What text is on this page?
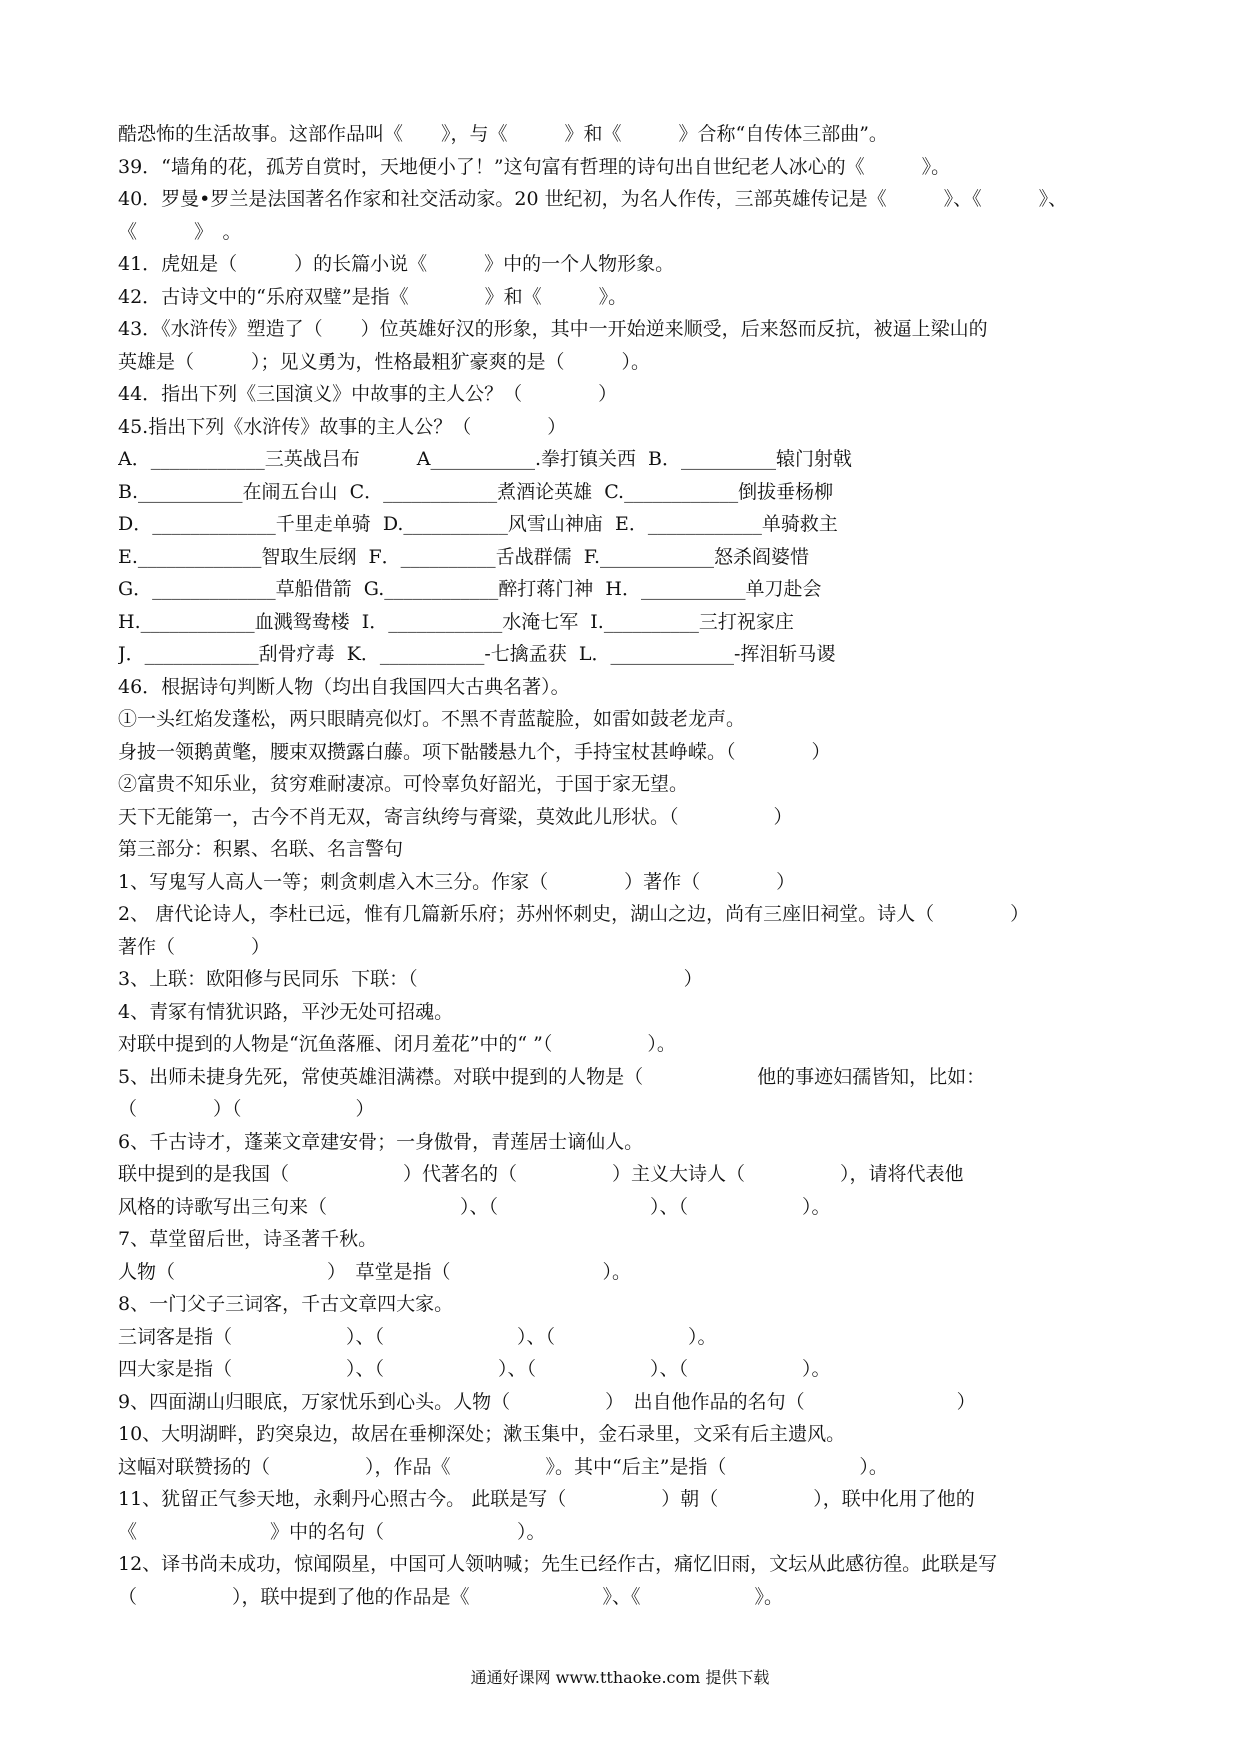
酷恐怖的生活故事。这部作品叫《　　》，与《　　　》和《　　　》合称“自传体三部曲”。
39．“墙角的花，孤芳自赏时，天地便小了！”这句富有哲理的诗句出自世纪老人冰心的《　　　》。
40．罗曼•罗兰是法国著名作家和社交活动家。20 世纪初，为名人作传，三部英雄传记是《　　　》、《　　　》、
《　　　》　。
41．虎妞是（　　　）的长篇小说《　　　》中的一个人物形象。
42．古诗文中的“乐府双璧”是指《　　　　》和《　　　》。
43．《水浒传》塑造了（　　）位英雄好汉的形象，其中一开始逆来顺受，后来怒而反抗，被逼上梁山的
英雄是（　　　）；见义勇为，性格最粗犷豪爽的是（　　　）。
44．指出下列《三国演义》中故事的主人公？（　　　　）
45.指出下列《水浒传》故事的主人公？（　　　　）
A．____________三英战吕布　　　A___________.拳打镇关西  B．__________辕门射戟
B.___________在闹五台山  C．____________煮酒论英雄  C.____________倒拔垂杨柳
D．_____________千里走单骑  D.___________风雪山神庙  E．____________单骑救主
E._____________智取生辰纲  F．__________舌战群儒  F.____________怒杀阎婆惜
G．_____________草船借箭  G.____________醉打蒋门神  H．___________单刀赴会
H.____________血溅鸳鸯楼  I．____________水淹七军  I.__________三打祝家庄
J．____________刮骨疗毒  K．___________-七擒孟获  L．_____________-挥泪斩马谡
46．根据诗句判断人物（均出自我国四大古典名著）。
①一头红焰发蓬松，两只眼睛亮似灯。不黑不青蓝靛脸，如雷如鼓老龙声。
身披一领鹅黄氅，腰束双攒露白藤。项下骷髅悬九个，手持宝杖甚峥嵘。（　　　　）
②富贵不知乐业，贫穷难耐凄凉。可怜辜负好韶光，于国于家无望。
天下无能第一，古今不肖无双，寄言纨绔与膏粱，莫效此儿形状。（　　　　　）
第三部分：积累、名联、名言警句
1、写鬼写人高人一等；刺贪刺虐入木三分。作家（　　　　）著作（　　　　）
2、 唐代论诗人，李杜已远，惟有几篇新乐府；苏州怀刺史，湖山之边，尚有三座旧祠堂。诗人（　　　　）
著作（　　　　）
3、上联：欧阳修与民同乐  下联：（　　　　　　　　　　　　　　）
4、青冢有情犹识路，平沙无处可招魂。
对联中提到的人物是“沉鱼落雁、闭月羞花”中的“ ”（　　　　　）。
5、出师未捷身先死，常使英雄泪满襟。对联中提到的人物是（　　　　　　他的事迹妇孺皆知，比如：
（　　　　）（　　　　　　）
6、千古诗才，蓬莱文章建安骨；一身傲骨，青莲居士谪仙人。
联中提到的是我国（　　　　　　）代著名的（　　　　　）主义大诗人（　　　　　），请将代表他
风格的诗歌写出三句来（　　　　　　　）、（　　　　　　　　）、（　　　　　　）。
7、草堂留后世，诗圣著千秋。
人物（　　　　　　　　）　草堂是指（　　　　　　　　）。
8、一门父子三词客，千古文章四大家。
三词客是指（　　　　　　）、（　　　　　　　）、（　　　　　　　）。
四大家是指（　　　　　　）、（　　　　　　）、（　　　　　　）、（　　　　　　）。
9、四面湖山归眼底，万家忧乐到心头。人物（　　　　　）　出自他作品的名句（　　　　　　　　）
10、大明湖畔，趵突泉边，故居在垂柳深处；漱玉集中，金石录里，文采有后主遗风。
这幅对联赞扬的（　　　　　），作品《　　　　　》。其中“后主”是指（　　　　　　　）。
11、犹留正气参天地，永剩丹心照古今。 此联是写（　　　　　）朝（　　　　　），联中化用了他的
《　　　　　　　》中的名句（　　　　　　　）。
12、译书尚未成功，惊闻陨星，中国可人领呐喊；先生已经作古，痛忆旧雨，文坛从此感彷徨。此联是写
（　　　　　），联中提到了他的作品是《　　　　　　　》、《　　　　　　》。
通通好课网 www.tthaoke.com 提供下载
